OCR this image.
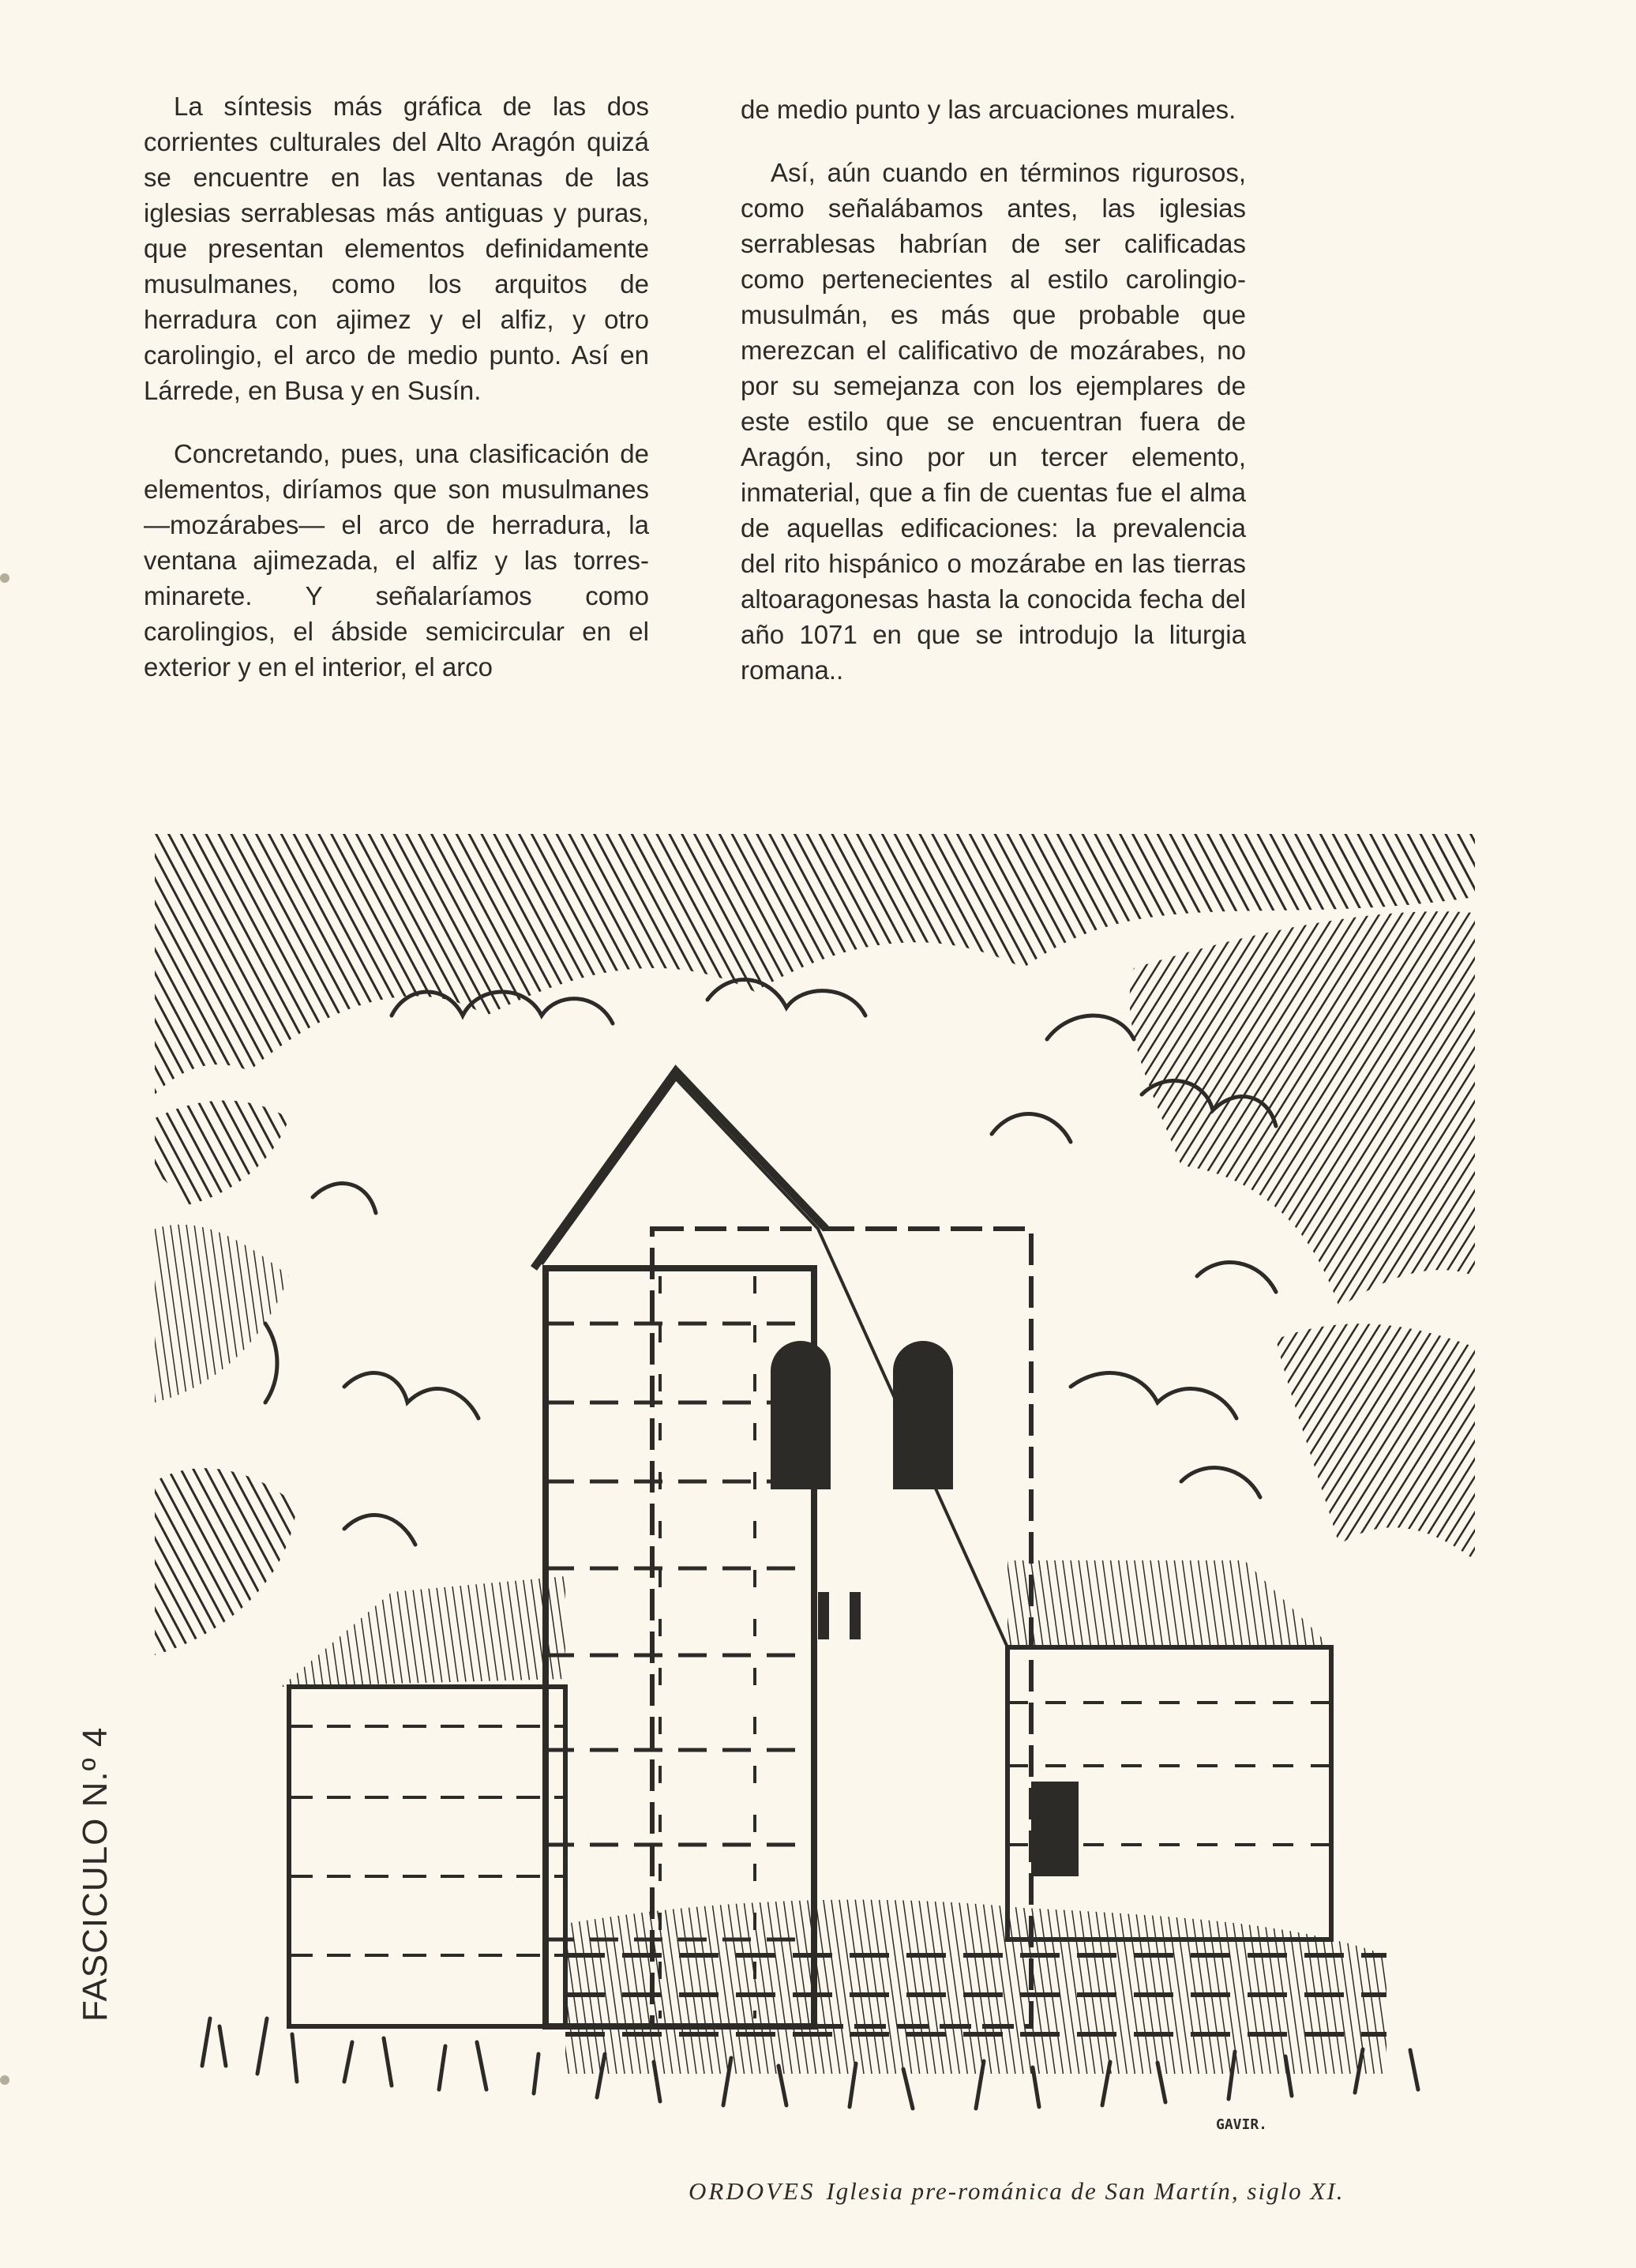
La síntesis más gráfica de las dos corrientes culturales del Alto Aragón quizá se encuentre en las ventanas de las iglesias serrablesas más antiguas y puras, que presentan elementos definidamente musulmanes, como los arquitos de herradura con ajimez y el alfiz, y otro carolingio, el arco de medio punto. Así en Lárrede, en Busa y en Susín.

Concretando, pues, una clasificación de elementos, diríamos que son musulmanes —mozárabes— el arco de herradura, la ventana ajimezada, el alfiz y las torres-minarete. Y señalaríamos como carolingios, el ábside semicircular en el exterior y en el interior, el arco

de medio punto y las arcuaciones murales.

Así, aún cuando en términos rigurosos, como señalábamos antes, las iglesias serrablesas habrían de ser calificadas como pertenecientes al estilo carolingio-musulmán, es más que probable que merezcan el calificativo de mozárabes, no por su semejanza con los ejemplares de este estilo que se encuentran fuera de Aragón, sino por un tercer elemento, inmaterial, que a fin de cuentas fue el alma de aquellas edificaciones: la prevalencia del rito hispánico o mozárabe en las tierras altoaragonesas hasta la conocida fecha del año 1071 en que se introdujo la liturgia romana..

GAVIR.
ORDOVES Iglesia pre-románica de San Martín, siglo XI.
FASCICULO N.º 4
